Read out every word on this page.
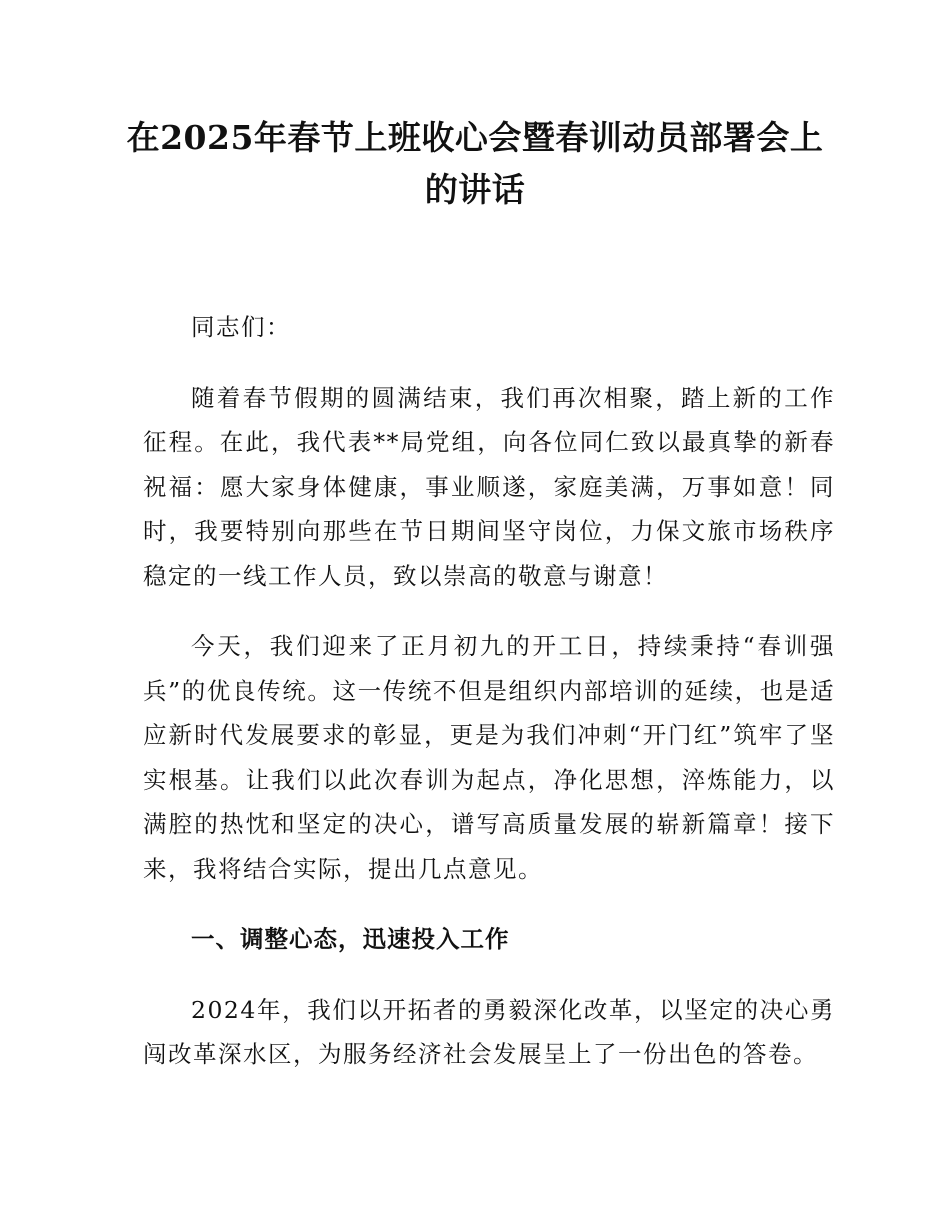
在2025年春节上班收心会暨春训动员部署会上的讲话

同志们：

随着春节假期的圆满结束，我们再次相聚，踏上新的工作征程。在此，我代表**局党组，向各位同仁致以最真挚的新春祝福：愿大家身体健康，事业顺遂，家庭美满，万事如意！同时，我要特别向那些在节日期间坚守岗位，力保文旅市场秩序稳定的一线工作人员，致以崇高的敬意与谢意！

今天，我们迎来了正月初九的开工日，持续秉持“春训强兵”的优良传统。这一传统不但是组织内部培训的延续，也是适应新时代发展要求的彰显，更是为我们冲刺“开门红”筑牢了坚实根基。让我们以此次春训为起点，净化思想，淬炼能力，以满腔的热忱和坚定的决心，谱写高质量发展的崭新篇章！接下来，我将结合实际，提出几点意见。

一、调整心态，迅速投入工作

2024年，我们以开拓者的勇毅深化改革，以坚定的决心勇闯改革深水区，为服务经济社会发展呈上了一份出色的答卷。
